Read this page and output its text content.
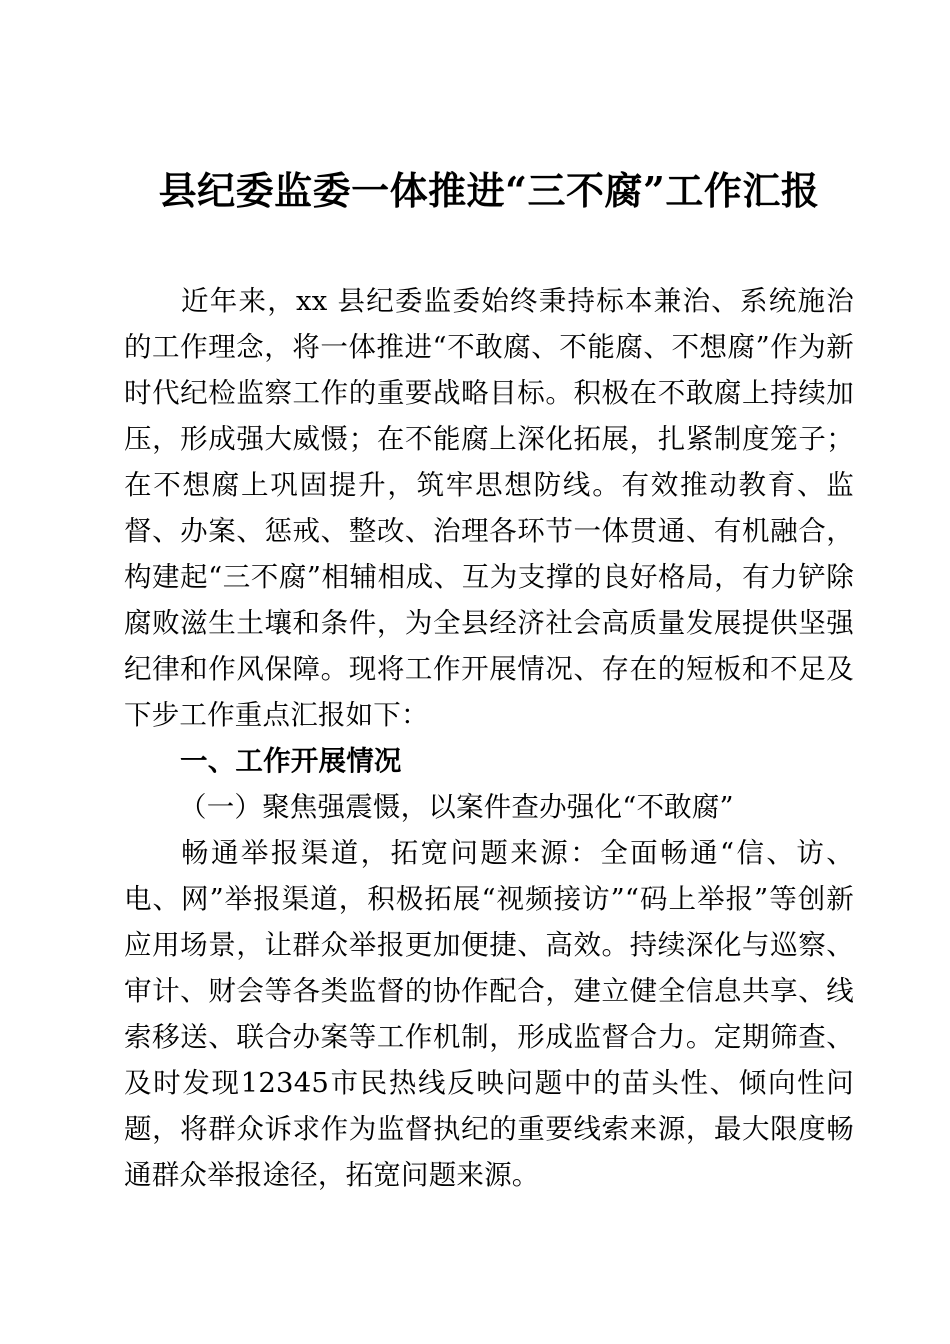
县纪委监委一体推进“三不腐”工作汇报

近年来，xx 县纪委监委始终秉持标本兼治、系统施治的工作理念，将一体推进“不敢腐、不能腐、不想腐”作为新时代纪检监察工作的重要战略目标。积极在不敢腐上持续加压，形成强大威慑；在不能腐上深化拓展，扎紧制度笼子；在不想腐上巩固提升，筑牢思想防线。有效推动教育、监督、办案、惩戒、整改、治理各环节一体贯通、有机融合，构建起“三不腐”相辅相成、互为支撑的良好格局，有力铲除腐败滋生土壤和条件，为全县经济社会高质量发展提供坚强纪律和作风保障。现将工作开展情况、存在的短板和不足及下步工作重点汇报如下：

一、工作开展情况

（一）聚焦强震慑，以案件查办强化“不敢腐”

畅通举报渠道，拓宽问题来源：全面畅通“信、访、电、网”举报渠道，积极拓展“视频接访”“码上举报”等创新应用场景，让群众举报更加便捷、高效。持续深化与巡察、审计、财会等各类监督的协作配合，建立健全信息共享、线索移送、联合办案等工作机制，形成监督合力。定期筛查、及时发现12345市民热线反映问题中的苗头性、倾向性问题，将群众诉求作为监督执纪的重要线索来源，最大限度畅通群众举报途径，拓宽问题来源。
